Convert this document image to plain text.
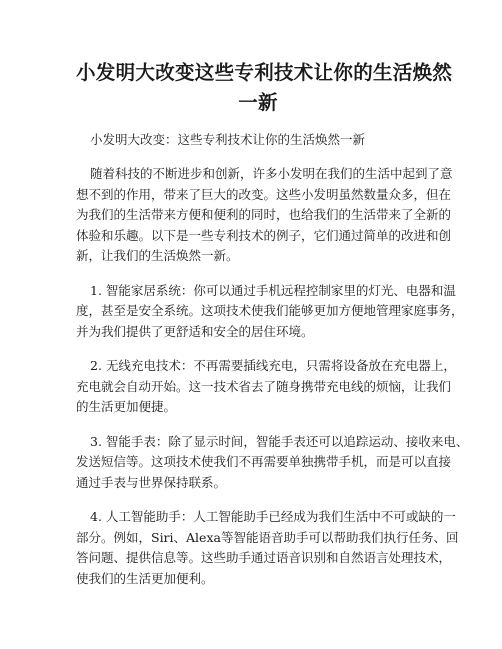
小发明大改变这些专利技术让你的生活焕然
一新

小发明大改变：这些专利技术让你的生活焕然一新

随着科技的不断进步和创新，许多小发明在我们的生活中起到了意
想不到的作用，带来了巨大的改变。这些小发明虽然数量众多，但在
为我们的生活带来方便和便利的同时，也给我们的生活带来了全新的
体验和乐趣。以下是一些专利技术的例子，它们通过简单的改进和创
新，让我们的生活焕然一新。
1. 智能家居系统：你可以通过手机远程控制家里的灯光、电器和温
度，甚至是安全系统。这项技术使我们能够更加方便地管理家庭事务，
并为我们提供了更舒适和安全的居住环境。
2. 无线充电技术：不再需要插线充电，只需将设备放在充电器上，
充电就会自动开始。这一技术省去了随身携带充电线的烦恼，让我们
的生活更加便捷。
3. 智能手表：除了显示时间，智能手表还可以追踪运动、接收来电、
发送短信等。这项技术使我们不再需要单独携带手机，而是可以直接
通过手表与世界保持联系。
4. 人工智能助手：人工智能助手已经成为我们生活中不可或缺的一
部分。例如，Siri、Alexa等智能语音助手可以帮助我们执行任务、回
答问题、提供信息等。这些助手通过语音识别和自然语言处理技术，
使我们的生活更加便利。
